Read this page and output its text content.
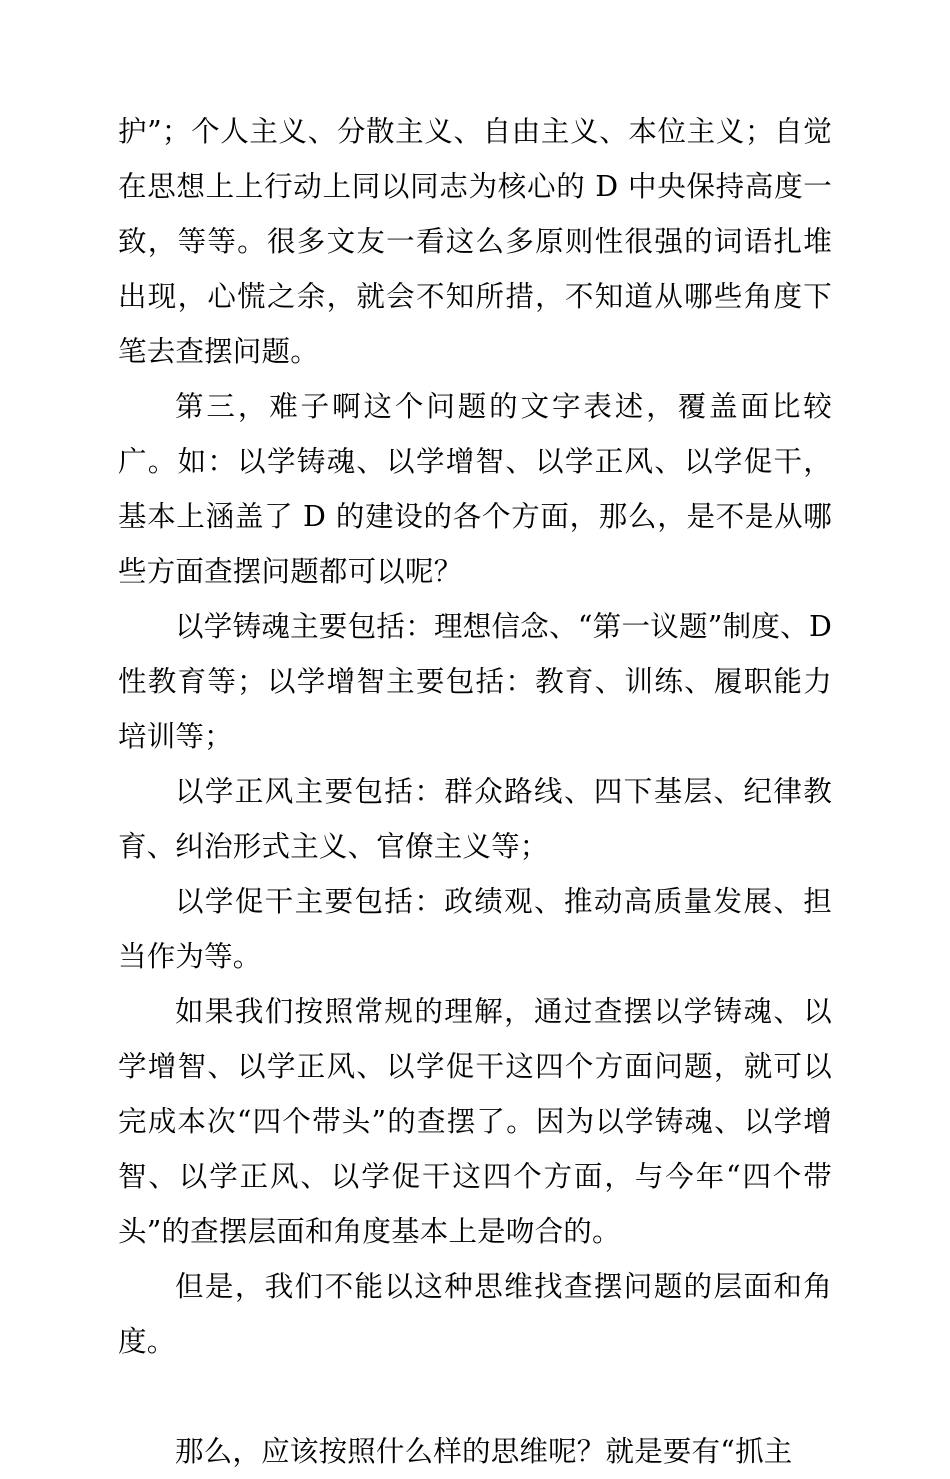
护”；个人主义、分散主义、自由主义、本位主义；自觉在思想上上行动上同以同志为核心的 D 中央保持高度一致，等等。很多文友一看这么多原则性很强的词语扎堆出现，心慌之余，就会不知所措，不知道从哪些角度下笔去查摆问题。

第三，难子啊这个问题的文字表述，覆盖面比较广。如：以学铸魂、以学增智、以学正风、以学促干，基本上涵盖了 D 的建设的各个方面，那么，是不是从哪些方面查摆问题都可以呢？

以学铸魂主要包括：理想信念、“第一议题”制度、D 性教育等；以学增智主要包括：教育、训练、履职能力培训等；

以学正风主要包括：群众路线、四下基层、纪律教育、纠治形式主义、官僚主义等；

以学促干主要包括：政绩观、推动高质量发展、担当作为等。

如果我们按照常规的理解，通过查摆以学铸魂、以学增智、以学正风、以学促干这四个方面问题，就可以完成本次“四个带头”的查摆了。因为以学铸魂、以学增智、以学正风、以学促干这四个方面，与今年“四个带头”的查摆层面和角度基本上是吻合的。

但是，我们不能以这种思维找查摆问题的层面和角度。

那么，应该按照什么样的思维呢？就是要有“抓主
